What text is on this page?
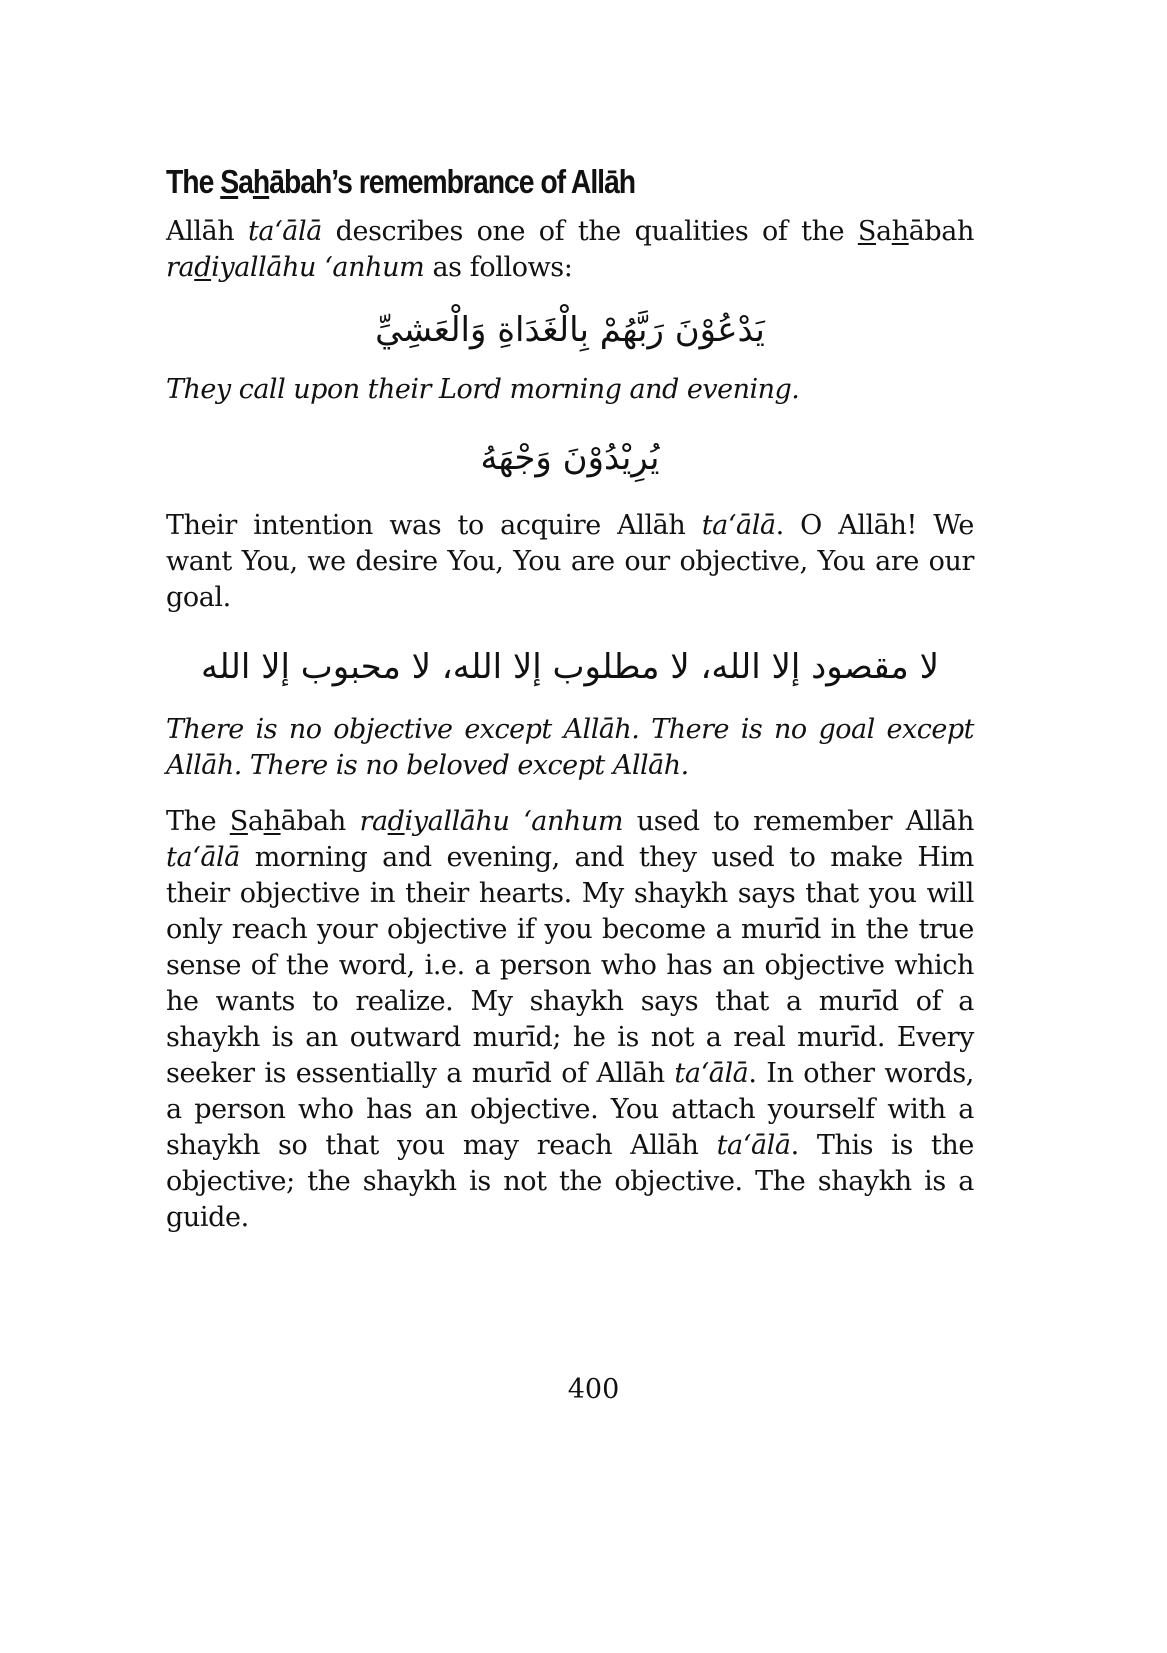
The Sahābah’s remembrance of Allāh

Allāh ta‘ālā describes one of the qualities of the Sahābah radiyallāhu ‘anhum as follows:

يَدْعُوْنَ رَبَّهُمْ بِالْغَدَاةِ وَالْعَشِيِّ

They call upon their Lord morning and evening.

يُرِيْدُوْنَ وَجْهَهُ

Their intention was to acquire Allāh ta‘ālā. O Allāh! We want You, we desire You, You are our objective, You are our goal.

لا مقصود إلا الله، لا مطلوب إلا الله، لا محبوب إلا الله

There is no objective except Allāh. There is no goal except Allāh. There is no beloved except Allāh.

The Sahābah radiyallāhu ‘anhum used to remember Allāh ta‘ālā morning and evening, and they used to make Him their objective in their hearts. My shaykh says that you will only reach your objective if you become a murīd in the true sense of the word, i.e. a person who has an objective which he wants to realize. My shaykh says that a murīd of a shaykh is an outward murīd; he is not a real murīd. Every seeker is essentially a murīd of Allāh ta‘ālā. In other words, a person who has an objective. You attach yourself with a shaykh so that you may reach Allāh ta‘ālā. This is the objective; the shaykh is not the objective. The shaykh is a guide.

400
